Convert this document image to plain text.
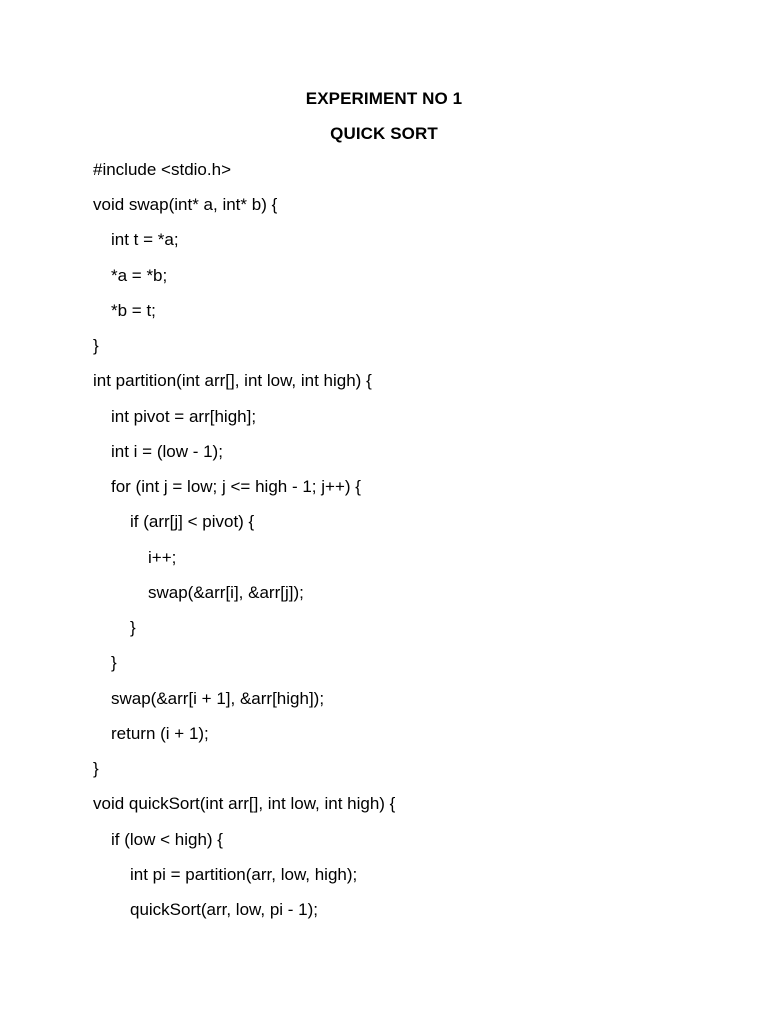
EXPERIMENT NO 1
QUICK SORT
#include <stdio.h>
void swap(int* a, int* b) {
int t = *a;
*a = *b;
*b = t;
}
int partition(int arr[], int low, int high) {
int pivot = arr[high];
int i = (low - 1);
for (int j = low; j <= high - 1; j++) {
if (arr[j] < pivot) {
i++;
swap(&arr[i], &arr[j]);
}
}
swap(&arr[i + 1], &arr[high]);
return (i + 1);
}
void quickSort(int arr[], int low, int high) {
if (low < high) {
int pi = partition(arr, low, high);
quickSort(arr, low, pi - 1);
